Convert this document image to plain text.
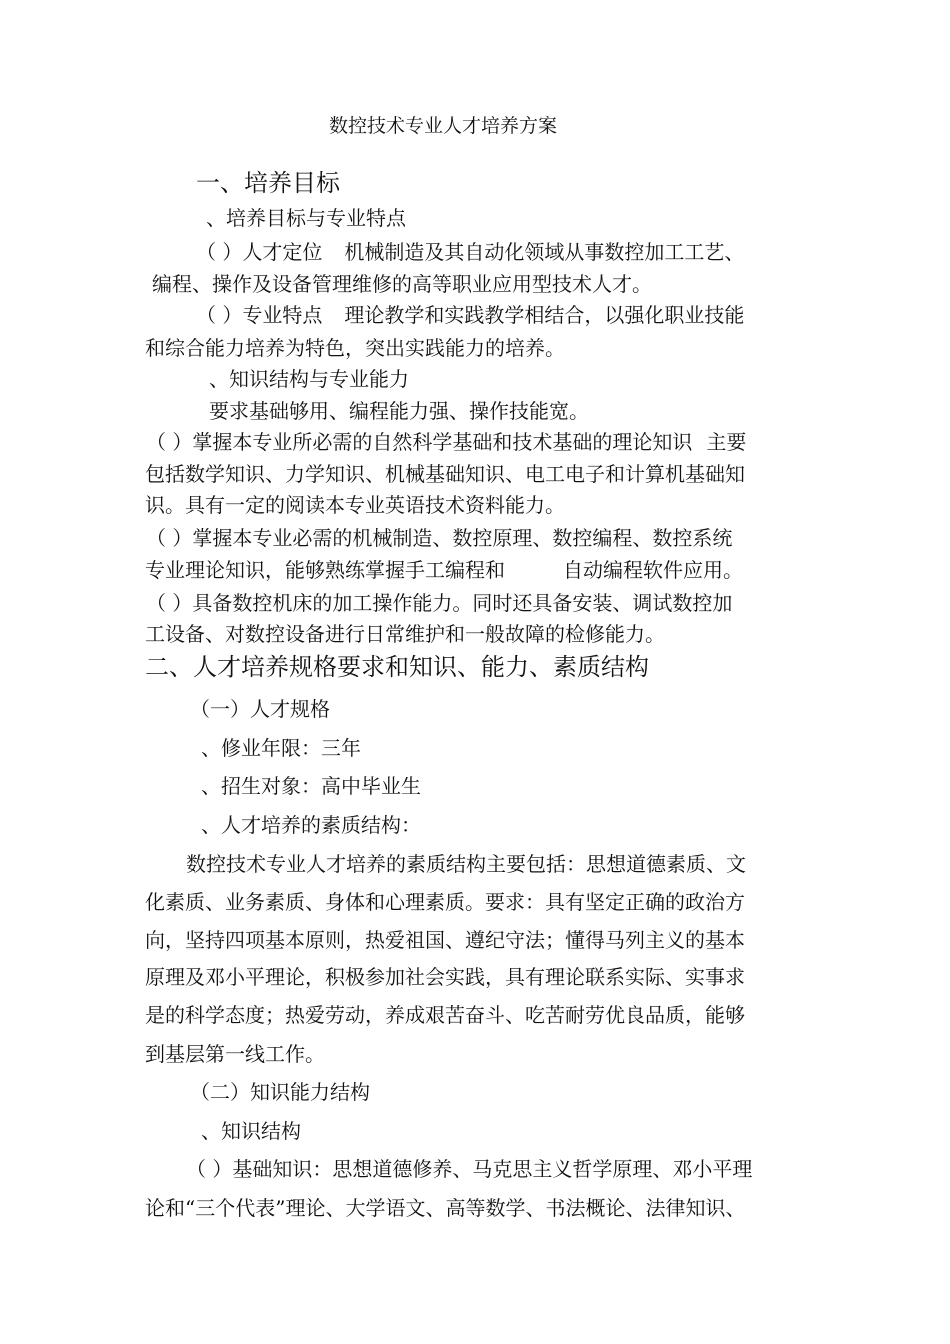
数控技术专业人才培养方案
一、培养目标
、培养目标与专业特点
（ ）人才定位 机械制造及其自动化领域从事数控加工工艺、
编程、操作及设备管理维修的高等职业应用型技术人才。
（ ）专业特点 理论教学和实践教学相结合，以强化职业技能
和综合能力培养为特色，突出实践能力的培养。
、知识结构与专业能力
要求基础够用、编程能力强、操作技能宽。
（ ）掌握本专业所必需的自然科学基础和技术基础的理论知识 主要
包括数学知识、力学知识、机械基础知识、电工电子和计算机基础知
识。具有一定的阅读本专业英语技术资料能力。
（ ）掌握本专业必需的机械制造、数控原理、数控编程、数控系统
专业理论知识，能够熟练掌握手工编程和	自动编程软件应用。
（ ）具备数控机床的加工操作能力。同时还具备安装、调试数控加
工设备、对数控设备进行日常维护和一般故障的检修能力。
二、人才培养规格要求和知识、能力、素质结构
（一）人才规格
、修业年限：三年
、招生对象：高中毕业生
、人才培养的素质结构：
数控技术专业人才培养的素质结构主要包括：思想道德素质、文
化素质、业务素质、身体和心理素质。要求：具有坚定正确的政治方
向，坚持四项基本原则，热爱祖国、遵纪守法；懂得马列主义的基本
原理及邓小平理论，积极参加社会实践，具有理论联系实际、实事求
是的科学态度；热爱劳动，养成艰苦奋斗、吃苦耐劳优良品质，能够
到基层第一线工作。
（二）知识能力结构
、知识结构
（ ）基础知识：思想道德修养、马克思主义哲学原理、邓小平理
论和“三个代表”理论、大学语文、高等数学、书法概论、法律知识、
